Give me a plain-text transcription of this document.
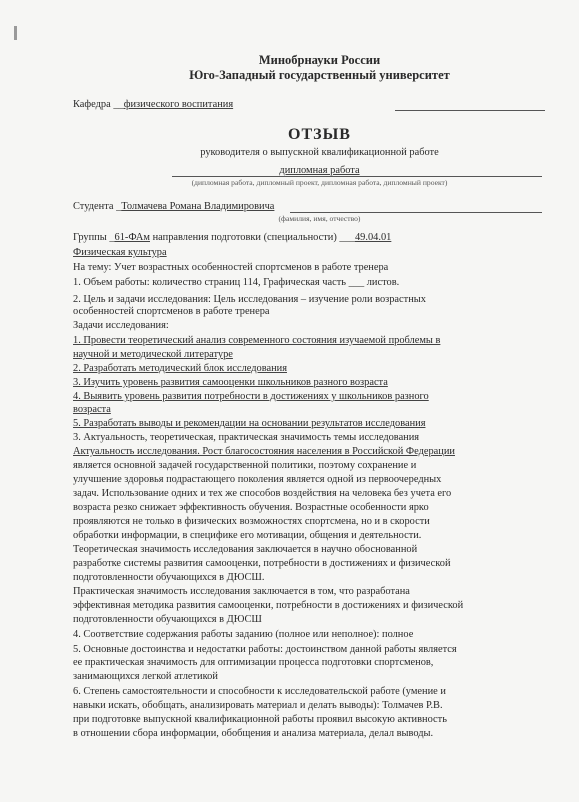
Минобрнауки России
Юго-Западный государственный университет
Кафедра __физического воспитания
ОТЗЫВ
руководителя о выпускной квалификационной работе
дипломная работа
(дипломная работа, дипломный проект, дипломная работа, дипломный проект)
Студента _Толмачева Романа Владимировича
(фамилия, имя, отчество)
Группы _61-ФАм направления подготовки (специальности) ___49.04.01
Физическая культура
На тему: Учет возрастных особенностей спортсменов в работе тренера
1. Объем работы: количество страниц 114, Графическая часть ___ листов.
2. Цель и задачи исследования: Цель исследования – изучение роли возрастных
особенностей спортсменов в работе тренера
Задачи исследования:
1. Провести теоретический анализ современного состояния изучаемой проблемы в
научной и методической литературе
2. Разработать методический блок исследования
3. Изучить уровень развития самооценки школьников разного возраста
4. Выявить уровень развития потребности в достижениях у школьников разного
возраста
5. Разработать выводы и рекомендации на основании результатов исследования
3. Актуальность, теоретическая, практическая значимость темы исследования
Актуальность исследования. Рост благосостояния населения в Российской Федерации
является основной задачей государственной политики, поэтому сохранение и
улучшение здоровья подрастающего поколения является одной из первоочередных
задач. Использование одних и тех же способов воздействия на человека без учета его
возраста резко снижает эффективность обучения. Возрастные особенности ярко
проявляются не только в физических возможностях спортсмена, но и в скорости
обработки информации, в специфике его мотивации, общения и деятельности.
Теоретическая значимость исследования заключается в научно обоснованной
разработке системы развития самооценки, потребности в достижениях и физической
подготовленности обучающихся в ДЮСШ.
Практическая значимость исследования заключается в том, что разработана
эффективная методика развития самооценки, потребности в достижениях и физической
подготовленности обучающихся в ДЮСШ
4. Соответствие содержания работы заданию (полное или неполное): полное
5. Основные достоинства и недостатки работы: достоинством данной работы является
ее практическая значимость для оптимизации процесса подготовки спортсменов,
занимающихся легкой атлетикой
6. Степень самостоятельности и способности к исследовательской работе (умение и
навыки искать, обобщать, анализировать материал и делать выводы): Толмачев Р.В.
при подготовке выпускной квалификационной работы проявил высокую активность
в отношении сбора информации, обобщения и анализа материала, делал выводы.
